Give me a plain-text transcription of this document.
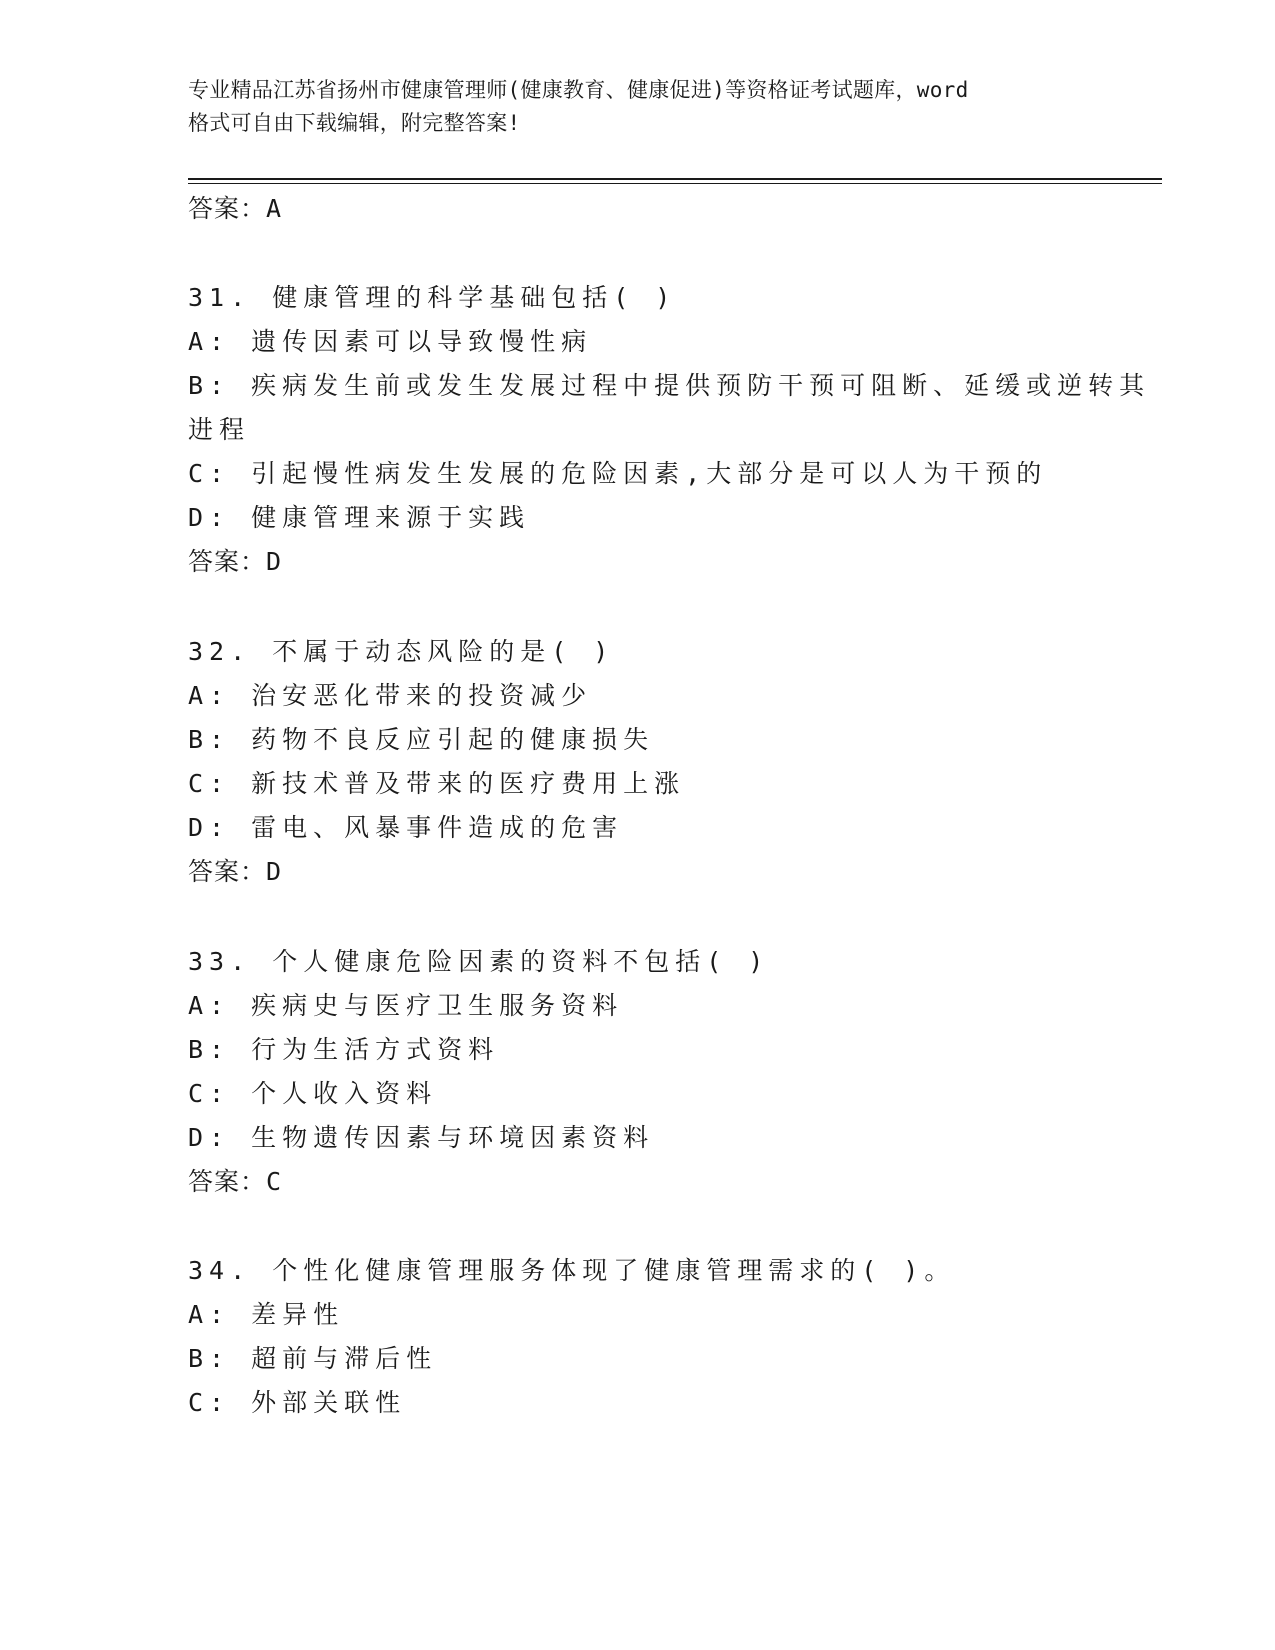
专业精品江苏省扬州市健康管理师(健康教育、健康促进)等资格证考试题库，word
格式可自由下载编辑，附完整答案!
答案：A
31. 健康管理的科学基础包括( )
A: 遗传因素可以导致慢性病
B: 疾病发生前或发生发展过程中提供预防干预可阻断、延缓或逆转其
进程
C: 引起慢性病发生发展的危险因素,大部分是可以人为干预的
D: 健康管理来源于实践
答案：D
32. 不属于动态风险的是( )
A: 治安恶化带来的投资减少
B: 药物不良反应引起的健康损失
C: 新技术普及带来的医疗费用上涨
D: 雷电、风暴事件造成的危害
答案：D
33. 个人健康危险因素的资料不包括( )
A: 疾病史与医疗卫生服务资料
B: 行为生活方式资料
C: 个人收入资料
D: 生物遗传因素与环境因素资料
答案：C
34. 个性化健康管理服务体现了健康管理需求的( )。
A: 差异性
B: 超前与滞后性
C: 外部关联性
